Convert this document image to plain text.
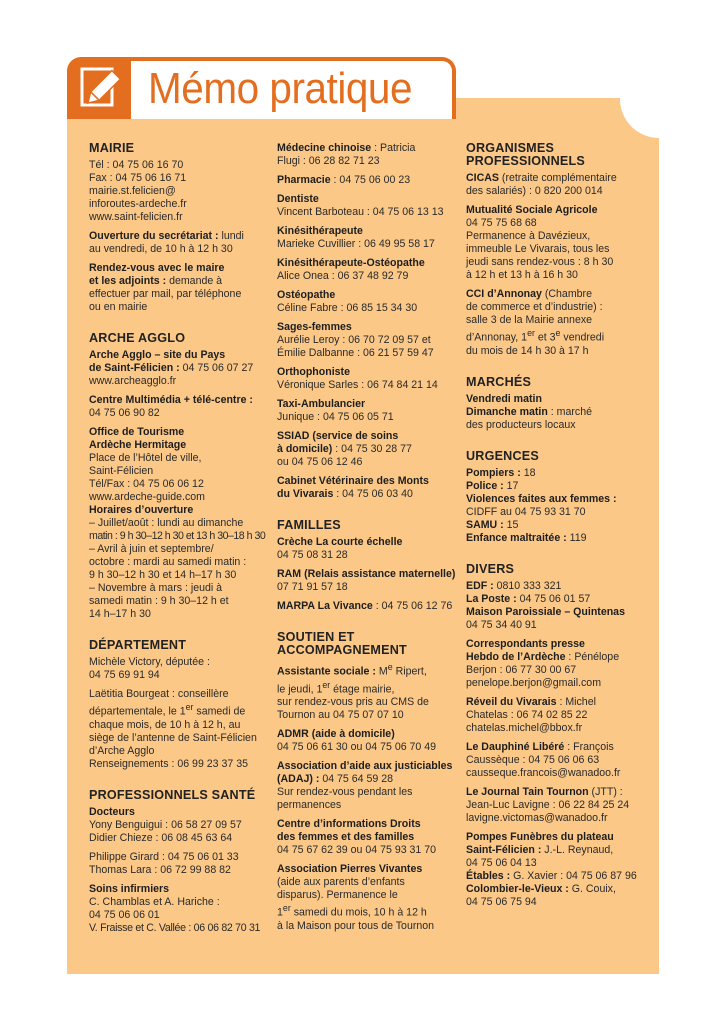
Mémo pratique
MAIRIE
Tél : 04 75 06 16 70
Fax : 04 75 06 16 71
mairie.st.felicien@
inforoutes-ardeche.fr
www.saint-felicien.fr
Ouverture du secrétariat : lundi
au vendredi, de 10 h à 12 h 30
Rendez-vous avec le maire
et les adjoints : demande à
effectuer par mail, par téléphone
ou en mairie
ARCHE AGGLO
Arche Agglo – site du Pays
de Saint-Félicien : 04 75 06 07 27
www.archeagglo.fr
Centre Multimédia + télé-centre :
04 75 06 90 82
Office de Tourisme
Ardèche Hermitage
Place de l’Hôtel de ville,
Saint-Félicien
Tél/Fax : 04 75 06 06 12
www.ardeche-guide.com
Horaires d’ouverture
– Juillet/août : lundi au dimanche
matin : 9 h 30–12 h 30 et 13 h 30–18 h 30
– Avril à juin et septembre/
octobre : mardi au samedi matin :
9 h 30–12 h 30 et 14 h–17 h 30
– Novembre à mars : jeudi à
samedi matin : 9 h 30–12 h et
14 h–17 h 30
DÉPARTEMENT
Michèle Victory, députée :
04 75 69 91 94
Laëtitia Bourgeat : conseillère
départementale, le 1er samedi de
chaque mois, de 10 h à 12 h, au
siège de l’antenne de Saint-Félicien
d’Arche Agglo
Renseignements : 06 99 23 37 35
PROFESSIONNELS SANTÉ
Docteurs
Yony Benguigui : 06 58 27 09 57
Didier Chieze : 06 08 45 63 64
Philippe Girard : 04 75 06 01 33
Thomas Lara : 06 72 99 88 82
Soins infirmiers
C. Chamblas et A. Hariche :
04 75 06 06 01
V. Fraisse et C. Vallée : 06 06 82 70 31
Médecine chinoise : Patricia
Flugi : 06 28 82 71 23
Pharmacie : 04 75 06 00 23
Dentiste
Vincent Barboteau : 04 75 06 13 13
Kinésithérapeute
Marieke Cuvillier : 06 49 95 58 17
Kinésithérapeute-Ostéopathe
Alice Onea : 06 37 48 92 79
Ostéopathe
Céline Fabre : 06 85 15 34 30
Sages-femmes
Aurélie Leroy : 06 70 72 09 57 et
Émilie Dalbanne : 06 21 57 59 47
Orthophoniste
Véronique Sarles : 06 74 84 21 14
Taxi-Ambulancier
Junique : 04 75 06 05 71
SSIAD (service de soins
à domicile) : 04 75 30 28 77
ou 04 75 06 12 46
Cabinet Vétérinaire des Monts
du Vivarais : 04 75 06 03 40
FAMILLES
Crèche La courte échelle
04 75 08 31 28
RAM (Relais assistance maternelle)
07 71 91 57 18
MARPA La Vivance : 04 75 06 12 76
SOUTIEN ET ACCOMPAGNEMENT
Assistante sociale : Me Ripert,
le jeudi, 1er étage mairie,
sur rendez-vous pris au CMS de
Tournon au 04 75 07 07 10
ADMR (aide à domicile)
04 75 06 61 30 ou 04 75 06 70 49
Association d’aide aux justiciables
(ADAJ) : 04 75 64 59 28
Sur rendez-vous pendant les
permanences
Centre d’informations Droits
des femmes et des familles
04 75 67 62 39 ou 04 75 93 31 70
Association Pierres Vivantes
(aide aux parents d’enfants
disparus). Permanence le
1er samedi du mois, 10 h à 12 h
à la Maison pour tous de Tournon
ORGANISMES PROFESSIONNELS
CICAS (retraite complémentaire
des salariés) : 0 820 200 014
Mutualité Sociale Agricole
04 75 75 68 68
Permanence à Davézieux,
immeuble Le Vivarais, tous les
jeudi sans rendez-vous : 8 h 30
à 12 h et 13 h à 16 h 30
CCI d’Annonay (Chambre
de commerce et d’industrie) :
salle 3 de la Mairie annexe
d’Annonay, 1er et 3e vendredi
du mois de 14 h 30 à 17 h
MARCHÉS
Vendredi matin
Dimanche matin : marché
des producteurs locaux
URGENCES
Pompiers : 18
Police : 17
Violences faites aux femmes :
CIDFF au 04 75 93 31 70
SAMU : 15
Enfance maltraitée : 119
DIVERS
EDF : 0810 333 321
La Poste : 04 75 06 01 57
Maison Paroissiale – Quintenas
04 75 34 40 91
Correspondants presse
Hebdo de l’Ardèche : Pénélope
Berjon : 06 77 30 00 67
penelope.berjon@gmail.com
Réveil du Vivarais : Michel
Chatelas : 06 74 02 85 22
chatelas.michel@bbox.fr
Le Dauphiné Libéré : François
Caussèque : 04 75 06 06 63
causseque.francois@wanadoo.fr
Le Journal Tain Tournon (JTT) :
Jean-Luc Lavigne : 06 22 84 25 24
lavigne.victomas@wanadoo.fr
Pompes Funèbres du plateau
Saint-Félicien : J.-L. Reynaud,
04 75 06 04 13
Étables : G. Xavier : 04 75 06 87 96
Colombier-le-Vieux : G. Couix,
04 75 06 75 94
